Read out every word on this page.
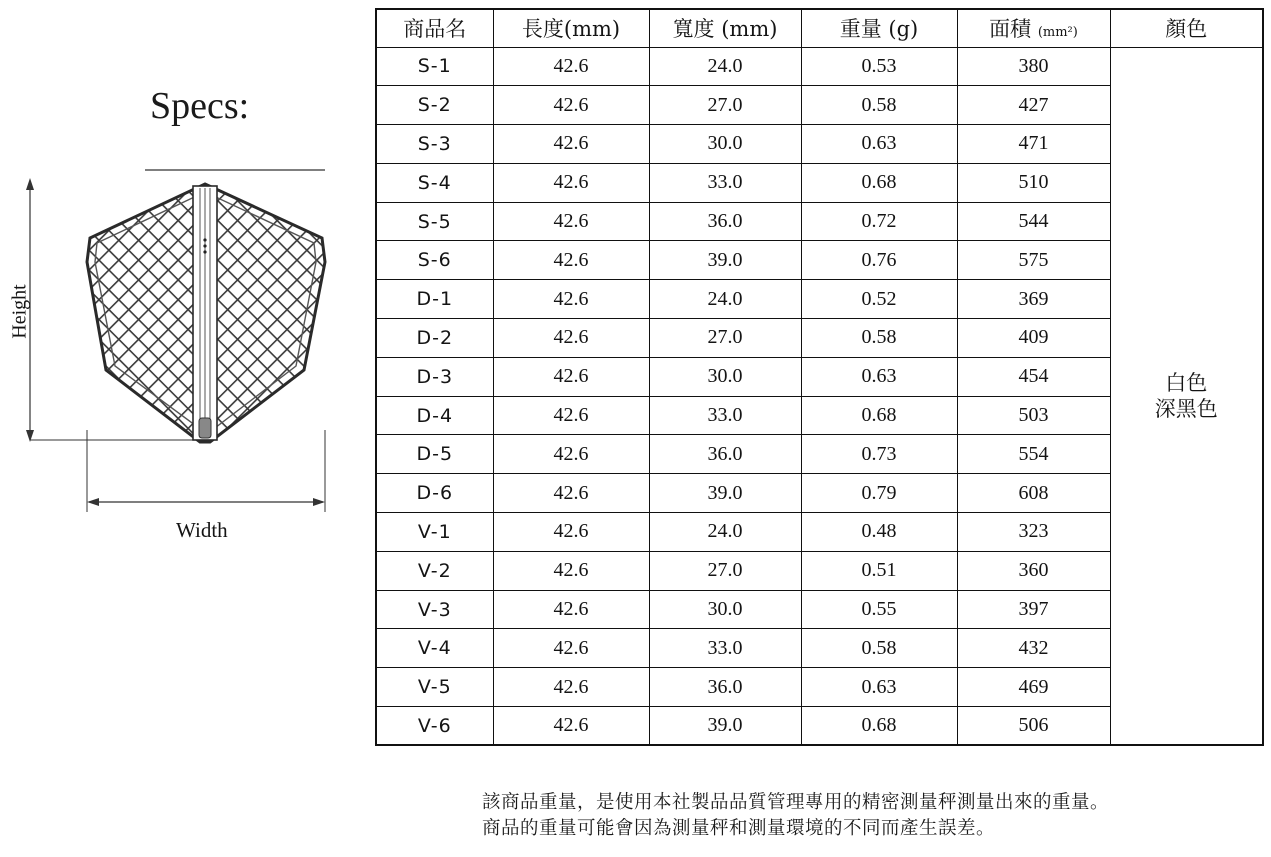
Specs:
Height
Width
商品名	長度(mm)	寬度 (mm)	重量 (g)	面積 (mm²)	顏色
S-1	42.6	24.0	0.53	380	白色
深黑色

S-2	42.6	27.0	0.58	427	
S-3	42.6	30.0	0.63	471	
S-4	42.6	33.0	0.68	510	
S-5	42.6	36.0	0.72	544	
S-6	42.6	39.0	0.76	575	
D-1	42.6	24.0	0.52	369	
D-2	42.6	27.0	0.58	409	
D-3	42.6	30.0	0.63	454	
D-4	42.6	33.0	0.68	503	
D-5	42.6	36.0	0.73	554	
D-6	42.6	39.0	0.79	608	
V-1	42.6	24.0	0.48	323	
V-2	42.6	27.0	0.51	360	
V-3	42.6	30.0	0.55	397	
V-4	42.6	33.0	0.58	432	
V-5	42.6	36.0	0.63	469	
V-6	42.6	39.0	0.68	506	
該商品重量，是使用本社製品品質管理專用的精密測量秤測量出來的重量。
商品的重量可能會因為測量秤和測量環境的不同而產生誤差。
